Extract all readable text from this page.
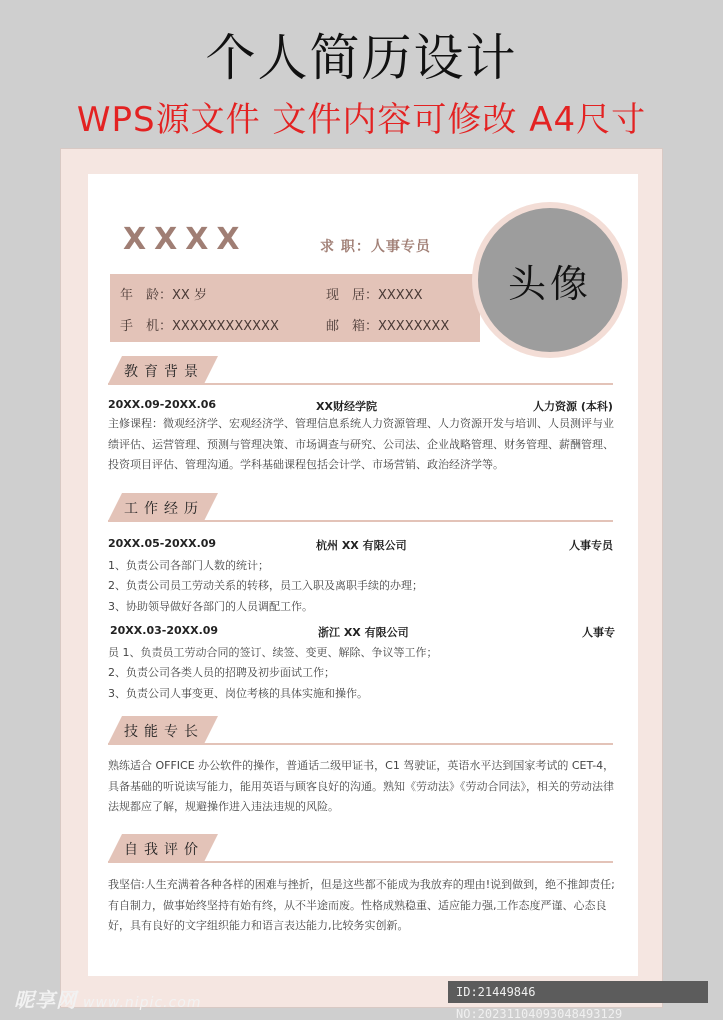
个人简历设计
WPS源文件 文件内容可修改 A4尺寸
XXXX	求 职：人事专员
年　龄：XX 岁	现　居：XXXXX
手　机：XXXXXXXXXXXX	邮　箱：XXXXXXXX
头像
教育背景
20XX.09-20XX.06	XX财经学院	人力资源 (本科)
主修课程：微观经济学、宏观经济学、管理信息系统人力资源管理、人力资源开发与培训、人员测评与业绩评估、运营管理、预测与管理决策、市场调查与研究、公司法、企业战略管理、财务管理、薪酬管理、投资项目评估、管理沟通。学科基础课程包括会计学、市场营销、政治经济学等。
工作经历
20XX.05-20XX.09	杭州 XX 有限公司	人事专员
1、负责公司各部门人数的统计；
2、负责公司员工劳动关系的转移，员工入职及离职手续的办理；
3、协助领导做好各部门的人员调配工作。
20XX.03-20XX.09	浙江 XX 有限公司	人事专
员 1、负责员工劳动合同的签订、续签、变更、解除、争议等工作；
2、负责公司各类人员的招聘及初步面试工作；
3、负责公司人事变更、岗位考核的具体实施和操作。
技能专长
熟练适合 OFFICE 办公软件的操作，普通话二级甲证书，C1 驾驶证，英语水平达到国家考试的 CET-4，具备基础的听说读写能力，能用英语与顾客良好的沟通。熟知《劳动法》《劳动合同法》，相关的劳动法律法规都应了解，规避操作进入违法违规的风险。
自我评价
我坚信:人生充满着各种各样的困难与挫折，但是这些都不能成为我放弃的理由!说到做到，绝不推卸责任;有自制力，做事始终坚持有始有终，从不半途而废。性格成熟稳重、适应能力强,工作态度严谨、心态良好，具有良好的文字组织能力和语言表达能力,比较务实创新。
昵享网 www.nipic.com
ID:21449846 NO:20231104093048493129
